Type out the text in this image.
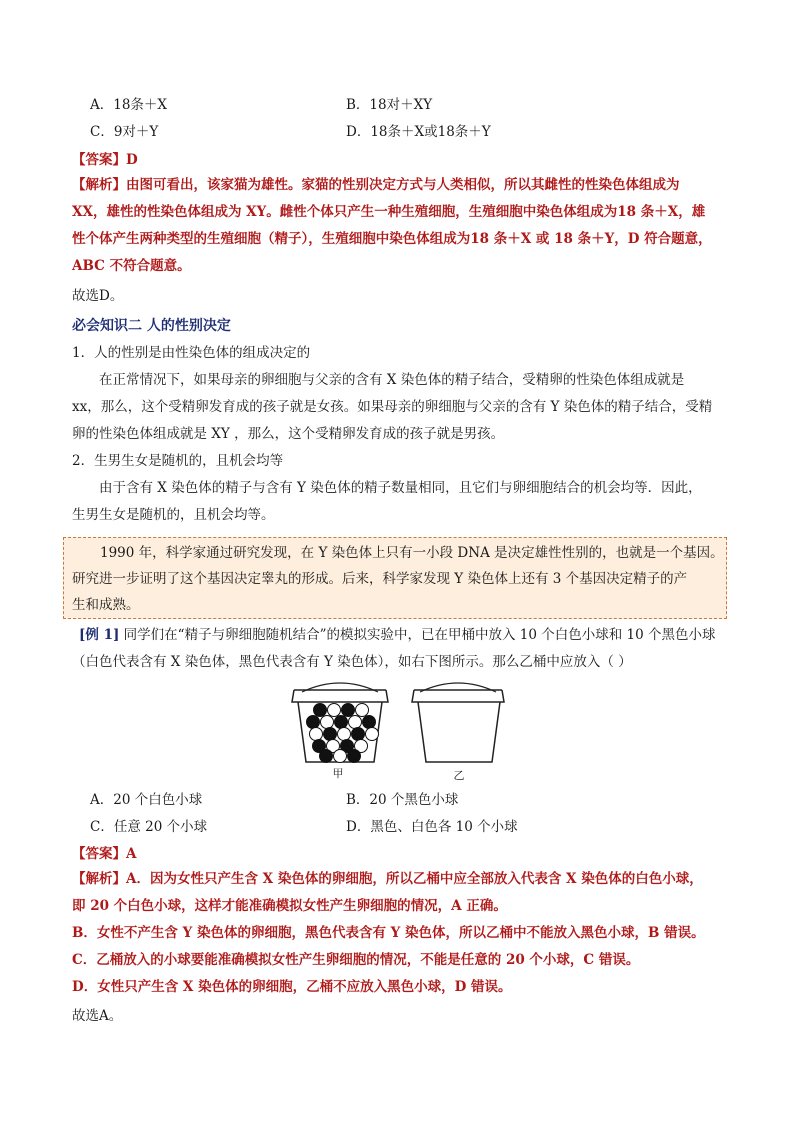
A．18条＋X	B．18对＋XY
C．9对＋Y	D．18条＋X或18条＋Y
【答案】D
【解析】由图可看出，该家猫为雄性。家猫的性别决定方式与人类相似，所以其雌性的性染色体组成为
XX，雄性的性染色体组成为 XY。雌性个体只产生一种生殖细胞，生殖细胞中染色体组成为18 条＋X，雄
性个体产生两种类型的生殖细胞（精子），生殖细胞中染色体组成为18 条＋X 或 18 条＋Y，D 符合题意，
ABC 不符合题意。
故选D。
必会知识二 人的性别决定
1．人的性别是由性染色体的组成决定的
在正常情况下，如果母亲的卵细胞与父亲的含有 X 染色体的精子结合，受精卵的性染色体组成就是
xx，那么，这个受精卵发育成的孩子就是女孩。如果母亲的卵细胞与父亲的含有 Y 染色体的精子结合，受精
卵的性染色体组成就是 XY ，那么，这个受精卵发育成的孩子就是男孩。
2．生男生女是随机的，且机会均等
由于含有 X 染色体的精子与含有 Y 染色体的精子数量相同，且它们与卵细胞结合的机会均等．因此，
生男生女是随机的，且机会均等。
1990 年，科学家通过研究发现，在 Y 染色体上只有一小段 DNA 是决定雄性性别的，也就是一个基因。
研究进一步证明了这个基因决定睾丸的形成。后来，科学家发现 Y 染色体上还有 3 个基因决定精子的产
生和成熟。
[例 1] 同学们在“精子与卵细胞随机结合”的模拟实验中，已在甲桶中放入 10 个白色小球和 10 个黑色小球
（白色代表含有 X 染色体，黑色代表含有 Y 染色体），如右下图所示。那么乙桶中应放入（ ）
甲	乙
A．20 个白色小球	B．20 个黑色小球
C．任意 20 个小球	D．黑色、白色各 10 个小球
【答案】A
【解析】A．因为女性只产生含 X 染色体的卵细胞，所以乙桶中应全部放入代表含 X 染色体的白色小球，
即 20 个白色小球，这样才能准确模拟女性产生卵细胞的情况，A 正确。
B．女性不产生含 Y 染色体的卵细胞，黑色代表含有 Y 染色体，所以乙桶中不能放入黑色小球，B 错误。
C．乙桶放入的小球要能准确模拟女性产生卵细胞的情况，不能是任意的 20 个小球，C 错误。
D．女性只产生含 X 染色体的卵细胞，乙桶不应放入黑色小球，D 错误。
故选A。
